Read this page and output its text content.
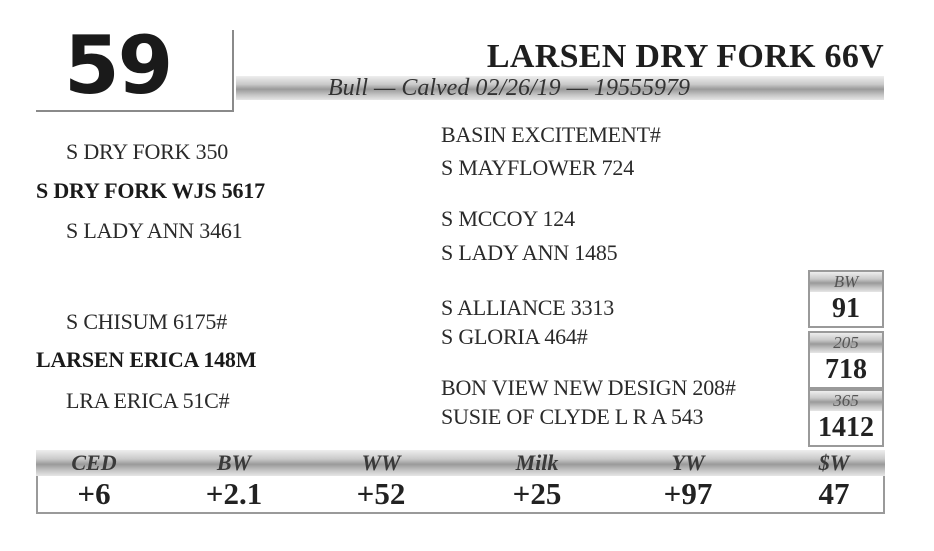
59	LARSEN DRY FORK 66V
Bull — Calved 02/26/19 — 19555979
S DRY FORK 350
S DRY FORK WJS 5617
S LADY ANN 3461
S CHISUM 6175#
LARSEN ERICA 148M
LRA ERICA 51C#
BASIN EXCITEMENT#
S MAYFLOWER 724
S MCCOY 124
S LADY ANN 1485
S ALLIANCE 3313
S GLORIA 464#
BON VIEW NEW DESIGN 208#
SUSIE OF CLYDE L R A 543
BW
91
205
718
365
1412
CED	BW	WW	Milk	YW	$W
+6	+2.1	+52	+25	+97	47
